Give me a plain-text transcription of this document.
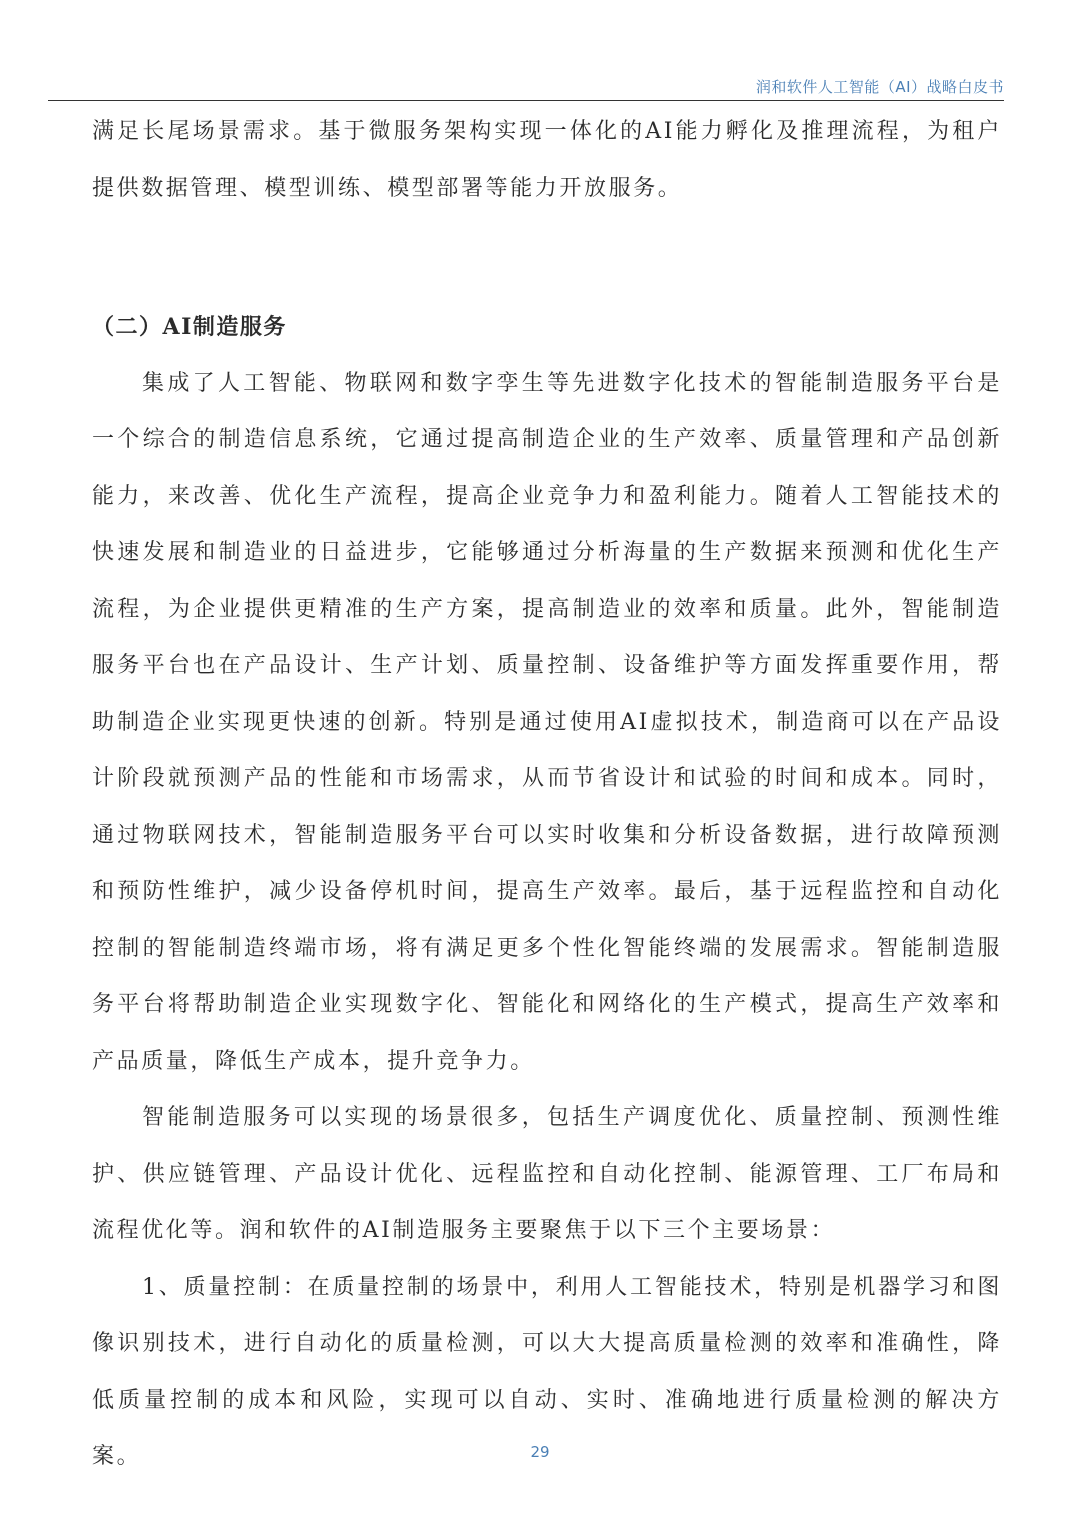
润和软件人工智能（AI）战略白皮书

满足长尾场景需求。基于微服务架构实现一体化的AI能力孵化及推理流程，为租户提供数据管理、模型训练、模型部署等能力开放服务。

（二）AI制造服务

集成了人工智能、物联网和数字孪生等先进数字化技术的智能制造服务平台是一个综合的制造信息系统，它通过提高制造企业的生产效率、质量管理和产品创新能力，来改善、优化生产流程，提高企业竞争力和盈利能力。随着人工智能技术的快速发展和制造业的日益进步，它能够通过分析海量的生产数据来预测和优化生产流程，为企业提供更精准的生产方案，提高制造业的效率和质量。此外，智能制造服务平台也在产品设计、生产计划、质量控制、设备维护等方面发挥重要作用，帮助制造企业实现更快速的创新。特别是通过使用AI虚拟技术，制造商可以在产品设计阶段就预测产品的性能和市场需求，从而节省设计和试验的时间和成本。同时，通过物联网技术，智能制造服务平台可以实时收集和分析设备数据，进行故障预测和预防性维护，减少设备停机时间，提高生产效率。最后，基于远程监控和自动化控制的智能制造终端市场，将有满足更多个性化智能终端的发展需求。智能制造服务平台将帮助制造企业实现数字化、智能化和网络化的生产模式，提高生产效率和产品质量，降低生产成本，提升竞争力。

智能制造服务可以实现的场景很多，包括生产调度优化、质量控制、预测性维护、供应链管理、产品设计优化、远程监控和自动化控制、能源管理、工厂布局和流程优化等。润和软件的AI制造服务主要聚焦于以下三个主要场景：

1、质量控制：在质量控制的场景中，利用人工智能技术，特别是机器学习和图像识别技术，进行自动化的质量检测，可以大大提高质量检测的效率和准确性，降低质量控制的成本和风险，实现可以自动、实时、准确地进行质量检测的解决方案。	29
